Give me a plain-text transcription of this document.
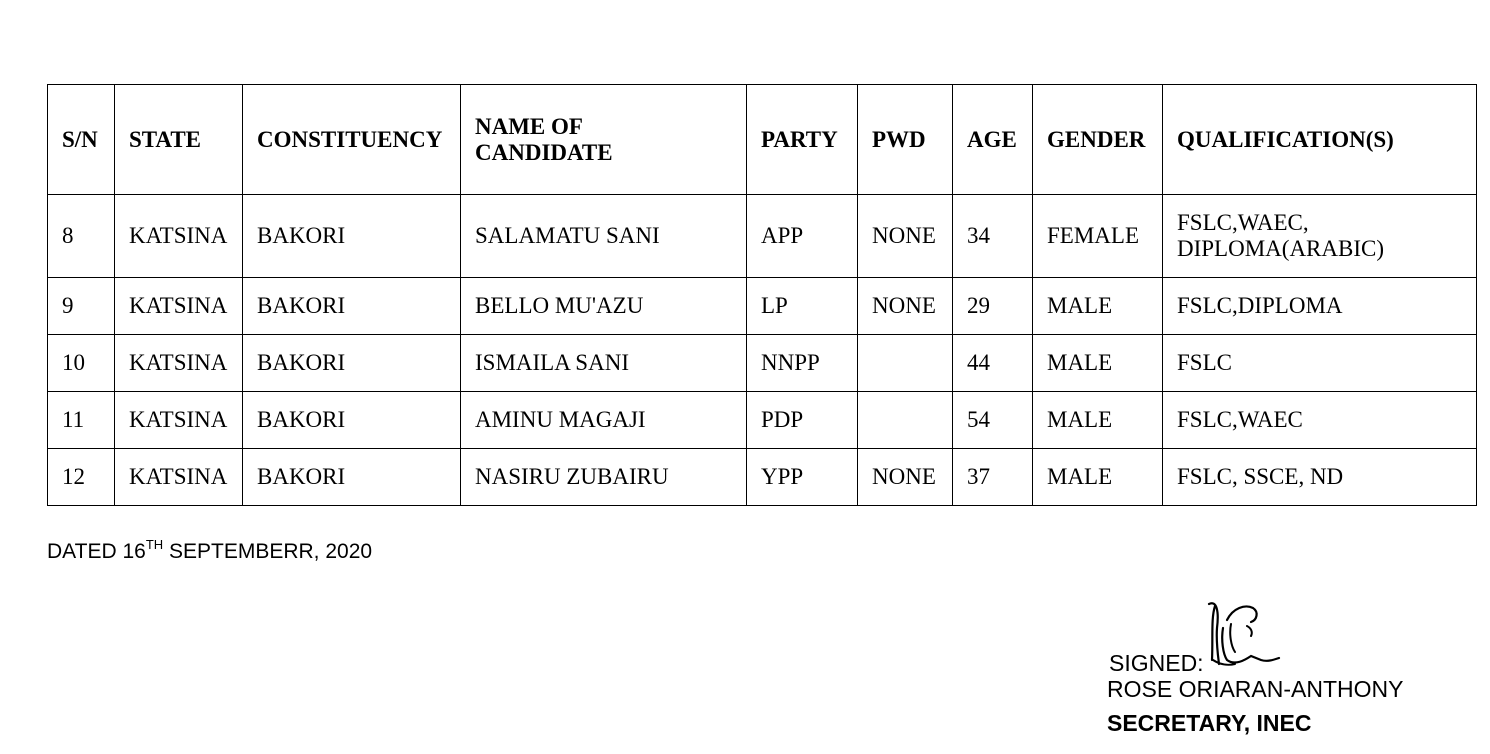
S/N	STATE	CONSTITUENCY	NAME OF CANDIDATE	PARTY	PWD	AGE	GENDER	QUALIFICATION(S)
8	KATSINA	BAKORI	SALAMATU SANI	APP	NONE	34	FEMALE	FSLC,WAEC, DIPLOMA(ARABIC)
9	KATSINA	BAKORI	BELLO MU'AZU	LP	NONE	29	MALE	FSLC,DIPLOMA
10	KATSINA	BAKORI	ISMAILA SANI	NNPP		44	MALE	FSLC
11	KATSINA	BAKORI	AMINU MAGAJI	PDP		54	MALE	FSLC,WAEC
12	KATSINA	BAKORI	NASIRU ZUBAIRU	YPP	NONE	37	MALE	FSLC, SSCE, ND
DATED 16TH SEPTEMBERR, 2020
SIGNED:
ROSE ORIARAN-ANTHONY
SECRETARY, INEC
